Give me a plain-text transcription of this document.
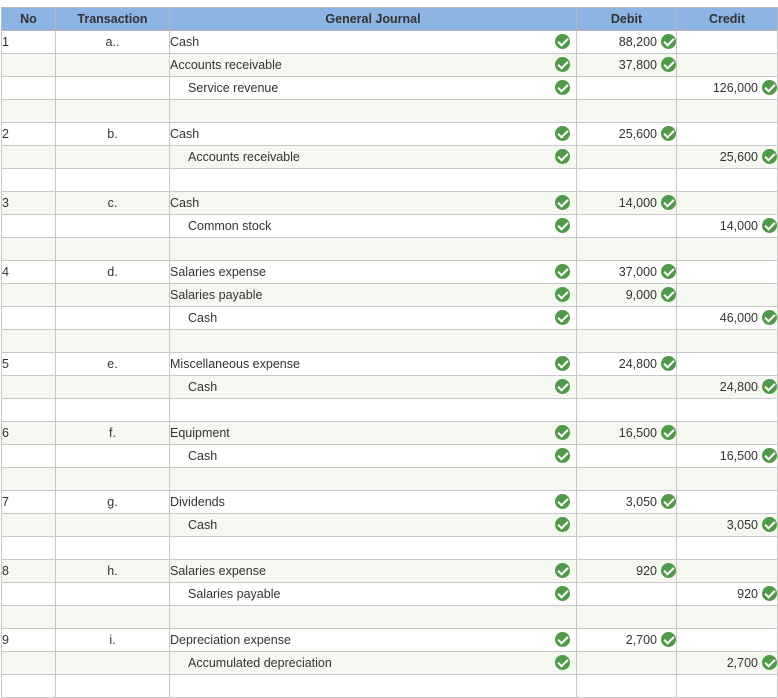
No	Transaction	General Journal	Debit	Credit
1	a..	Cash	88,200	
		Accounts receivable	37,800	
		Service revenue		126,000

2	b.	Cash	25,600	
		Accounts receivable		25,600

3	c.	Cash	14,000	
		Common stock		14,000

4	d.	Salaries expense	37,000	
		Salaries payable	9,000	
		Cash		46,000

5	e.	Miscellaneous expense	24,800	
		Cash		24,800

6	f.	Equipment	16,500	
		Cash		16,500

7	g.	Dividends	3,050	
		Cash		3,050

8	h.	Salaries expense	920	
		Salaries payable		920

9	i.	Depreciation expense	2,700	
		Accumulated depreciation		2,700
